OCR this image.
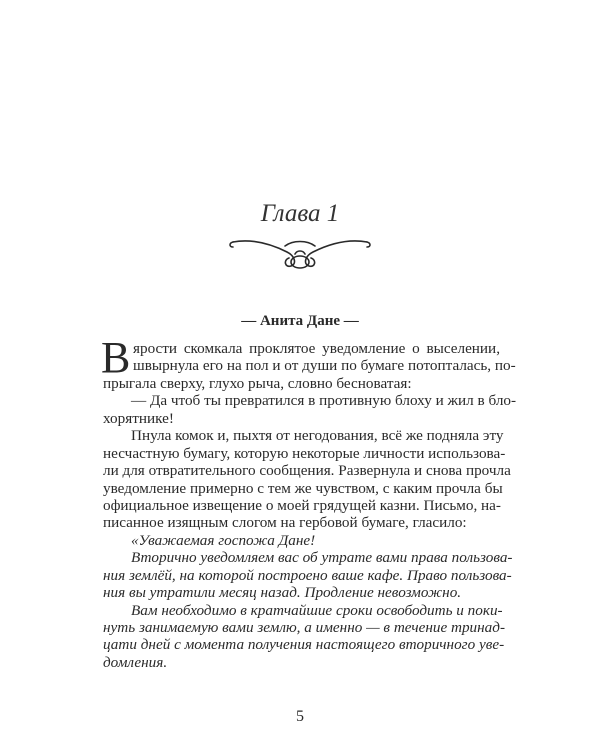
Глава 1
— Анита Дане —
В ярости скомкала проклятое уведомление о выселении,
швырнула его на пол и от души по бумаге потопталась, по-
прыгала сверху, глухо рыча, словно бесноватая:
— Да чтоб ты превратился в противную блоху и жил в бло-
хорятнике!
Пнула комок и, пыхтя от негодования, всё же подняла эту
несчастную бумагу, которую некоторые личности использова-
ли для отвратительного сообщения. Развернула и снова прочла
уведомление примерно с тем же чувством, с каким прочла бы
официальное извещение о моей грядущей казни. Письмо, на-
писанное изящным слогом на гербовой бумаге, гласило:
«Уважаемая госпожа Дане!
Вторично уведомляем вас об утрате вами права пользова-
ния землёй, на которой построено ваше кафе. Право пользова-
ния вы утратили месяц назад. Продление невозможно.
Вам необходимо в кратчайшие сроки освободить и поки-
нуть занимаемую вами землю, а именно — в течение тринад-
цати дней с момента получения настоящего вторичного уве-
домления.
5
